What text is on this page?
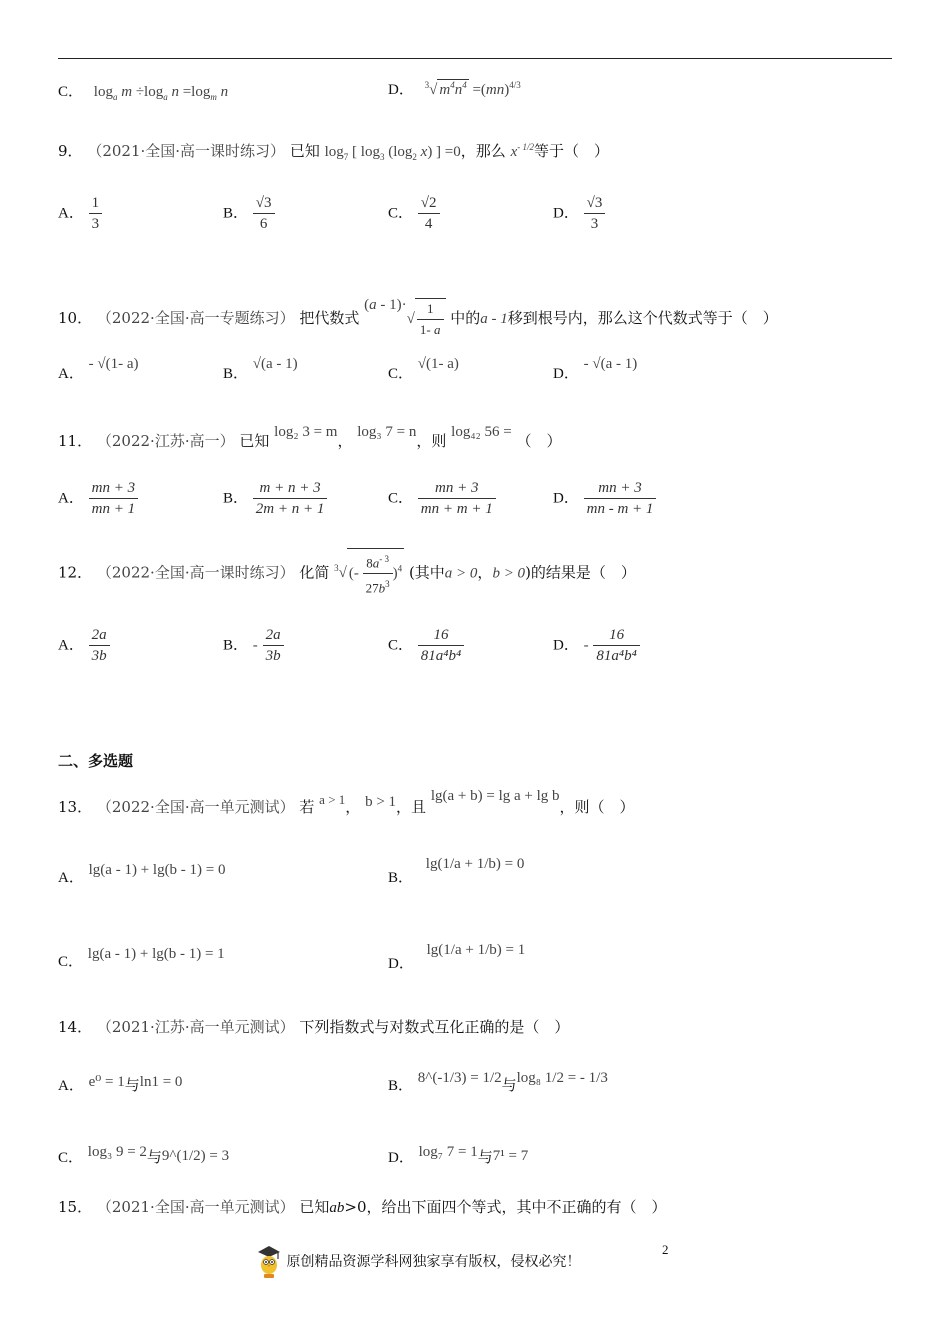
C． $\log_a m \div\log_a$ $n =\log_m$ n	D． $^3$√ $m^4n^4 =(mn)^{4/3}$
9． （2021·全国·高一课时练习） 已知 $\log_7$ [ $\log_3 (\log_2$ x) ] =0，那么 $x^{- 1/2}$等于（　）
A． $\frac{1}{3}$	B． $\frac{√3}{6}$	C． $\frac{√2}{4}$	D． $\frac{√3}{3}$
10． （2022·全国·高一专题练习） 把代数式 $(a - 1)\cdot√ \frac{1}{1- a}$ 中的a - 1移到根号内，那么这个代数式等于（　）
A． - √(1- a)
B． √(a - 1)
C． √(1- a)
D． - √(a - 1)
11． （2022·江苏·高一） 已知 log₂ 3 = m， log₃ 7 = n，则 log₄₂ 56 = （　）
A． $\frac{mn + 3}{mn + 1}$	B． $\frac{m + n + 3}{2m + n + 1}$	C． $\frac{mn + 3}{mn + m + 1}$	D． $\frac{mn + 3}{mn - m + 1}$
12． （2022·全国·高一课时练习） 化简 $^3$√ (- $\frac{8a^{- 3}}{27b^3} )^4$ (其中a > 0，b > 0)的结果是（　）
A． $\frac{2a}{3b}$	B． - $\frac{2a}{3b}$	C． $\frac{16}{\text{81a⁴b⁴}}$	D． - $\frac{16}{\text{81a⁴b⁴}}$
二、多选题
13． （2022·全国·高一单元测试） 若 a > 1， b > 1，且 lg(a + b) = lg a + lg b，则（　）
A． lg(a - 1) + lg(b - 1) = 0	B． lg(1/a + 1/b) = 0
C． lg(a - 1) + lg(b - 1) = 1
D． lg(1/a + 1/b) = 1
14． （2021·江苏·高一单元测试） 下列指数式与对数式互化正确的是（　）
A． e⁰ = 1与ln1 = 0	B． 8^(-1/3) = 1/2与log₈ 1/2 = - 1/3
C． log₃ 9 = 2与9^(1/2) = 3	D． log₇ 7 = 1与7¹ = 7
15． （2021·全国·高一单元测试） 已知ab>0，给出下面四个等式，其中不正确的有（　）
原创精品资源学科网独家享有版权，侵权必究！
2
